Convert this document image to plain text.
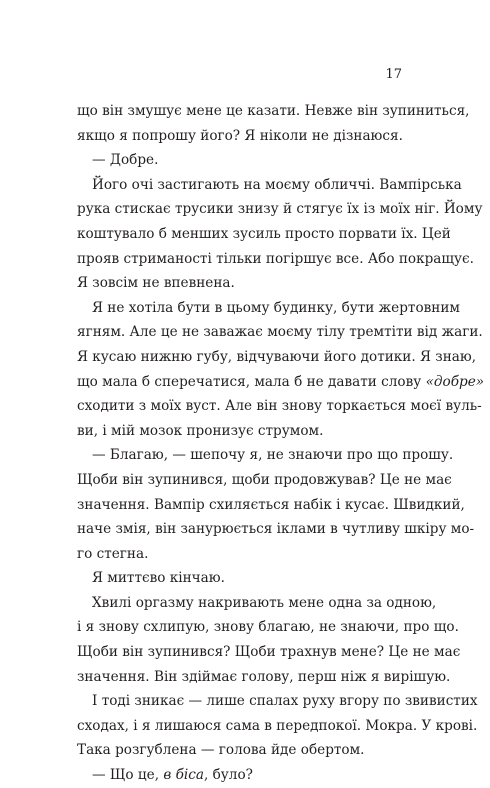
17
що він змушує мене це казати. Невже він зупиниться,
якщо я попрошу його? Я ніколи не дізнаюся.
— Добре.
Його очі застигають на моєму обличчі. Вампірська
рука стискає трусики знизу й стягує їх із моїх ніг. Йому
коштувало б менших зусиль просто порвати їх. Цей
прояв стриманості тільки погіршує все. Або покращує.
Я зовсім не впевнена.
Я не хотіла бути в цьому будинку, бути жертовним
ягням. Але це не заважає моєму тілу тремтіти від жаги.
Я кусаю нижню губу, відчуваючи його дотики. Я знаю,
що мала б сперечатися, мала б не давати слову «добре»
сходити з моїх вуст. Але він знову торкається моєї вуль-
ви, і мій мозок пронизує струмом.
— Благаю, — шепочу я, не знаючи про що прошу.
Щоби він зупинився, щоби продовжував? Це не має
значення. Вампір схиляється набік і кусає. Швидкий,
наче змія, він занурюється іклами в чутливу шкіру мо-
го стегна.
Я миттєво кінчаю.
Хвилі оргазму накривають мене одна за одною,
і я знову схлипую, знову благаю, не знаючи, про що.
Щоби він зупинився? Щоби трахнув мене? Це не має
значення. Він здіймає голову, перш ніж я вирішую.
І тоді зникає — лише спалах руху вгору по звивистих
сходах, і я лишаюся сама в передпокої. Мокра. У крові.
Така розгублена — голова йде обертом.
— Що це, в біса, було?
